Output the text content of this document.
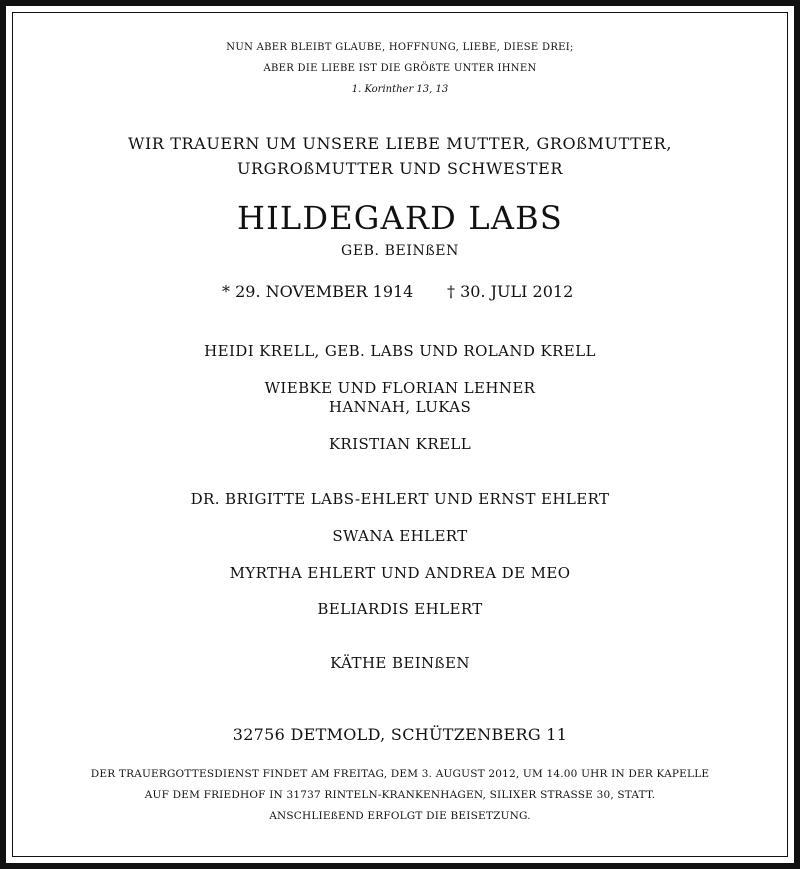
NUN ABER BLEIBT GLAUBE, HOFFNUNG, LIEBE, DIESE DREI;
ABER DIE LIEBE IST DIE GRÖßTE UNTER IHNEN
1. Korinther 13, 13
WIR TRAUERN UM UNSERE LIEBE MUTTER, GROßMUTTER,
URGROßMUTTER UND SCHWESTER
HILDEGARD LABS
GEB. BEINßEN
* 29. NOVEMBER 1914 † 30. JULI 2012
HEIDI KRELL, GEB. LABS UND ROLAND KRELL
WIEBKE UND FLORIAN LEHNER
HANNAH, LUKAS
KRISTIAN KRELL
DR. BRIGITTE LABS-EHLERT UND ERNST EHLERT
SWANA EHLERT
MYRTHA EHLERT UND ANDREA DE MEO
BELIARDIS EHLERT
KÄTHE BEINßEN
32756 DETMOLD, SCHÜTZENBERG 11
DER TRAUERGOTTESDIENST FINDET AM FREITAG, DEM 3. AUGUST 2012, UM 14.00 UHR IN DER KAPELLE
AUF DEM FRIEDHOF IN 31737 RINTELN-KRANKENHAGEN, SILIXER STRASSE 30, STATT.
ANSCHLIEßEND ERFOLGT DIE BEISETZUNG.
